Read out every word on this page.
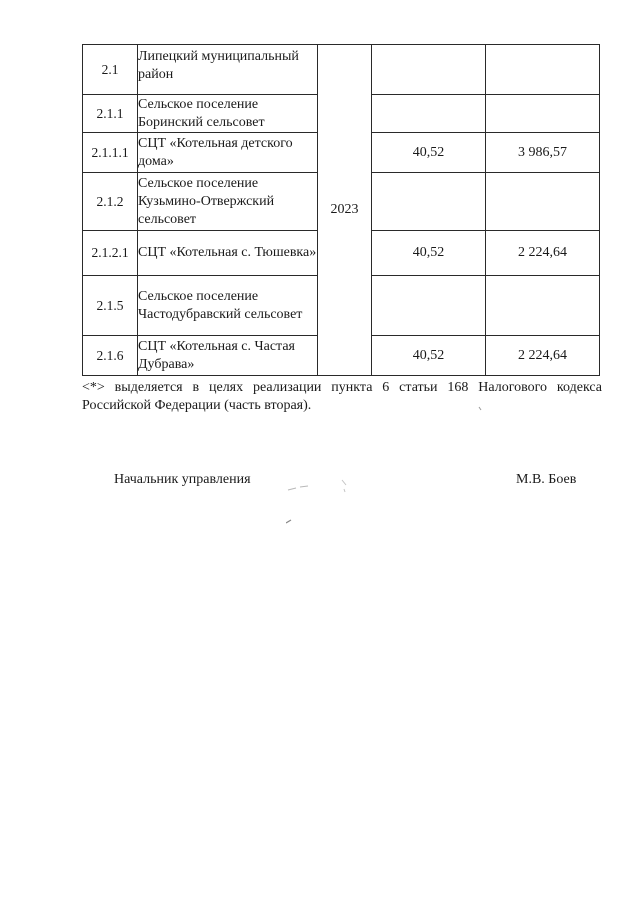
2.1	Липецкий муниципальный район	2023		
2.1.1	Сельское поселение Боринский сельсовет			
2.1.1.1	СЦТ «Котельная детского дома»		40,52	3 986,57
2.1.2	Сельское поселение Кузьмино-Отвержский сельсовет			
2.1.2.1	СЦТ «Котельная с. Тюшевка»		40,52	2 224,64
2.1.5	Сельское поселение Частодубравский сельсовет			
2.1.6	СЦТ «Котельная с. Частая Дубрава»		40,52	2 224,64
<*> выделяется в целях реализации пункта 6 статьи 168 Налогового кодекса Российской Федерации (часть вторая).
Начальник управления	М.В. Боев
